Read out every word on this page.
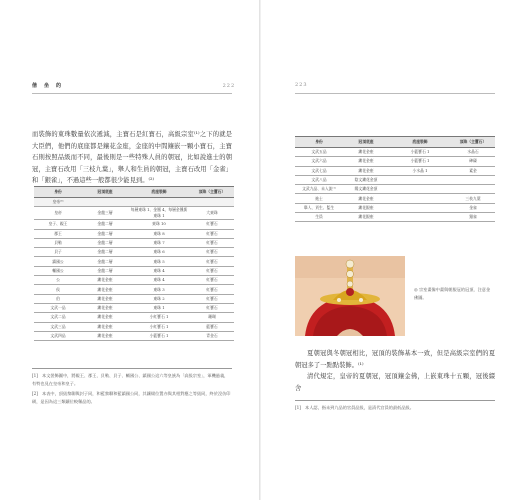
偕　坐　的	222

而裝飾的東珠數量依次遞減，主寶石是紅寶石，高級宗室⁽¹⁾之下的就是大臣們，他們的底座都是鑲花金座，金座的中間鑲嵌一顆小寶石，主寶石則按照品級而不同，最後則是一些特殊人員的朝冠，比如說進士的朝冠，主寶石改用「三枝九葉」，舉人和生員的朝冠，主寶石改用「金雀」和「銀雀」，不過這些一般都很少能見到。⁽²⁾

身份	冠頂底座	底座裝飾	頂珠（主寶石）
皇帝⁽³⁾			
皇帝	金龍三層	每層東珠 1、金鳳 4，每層金鳳銜東珠 1	大東珠
皇子、親王	金龍二層	東珠 10	紅寶石
郡王	金龍二層	東珠 8	紅寶石
貝勒	金龍二層	東珠 7	紅寶石
貝子	金龍二層	東珠 6	紅寶石
鎮國公	金龍二層	東珠 5	紅寶石
輔國公	金龍二層	東珠 4	紅寶石
公	鏤花金座	東珠 4	紅寶石
侯	鏤花金座	東珠 3	紅寶石
伯	鏤花金座	東珠 2	紅寶石
文武一品	鏤花金座	東珠 1	紅寶石
文武二品	鏤花金座	小紅寶石 1	珊瑚
文武三品	鏤花金座	小紅寶石 1	藍寶石
文武四品	鏤花金座	小藍寶石 1	青金石
[1] 本文裝飾圖中，將親王、郡王、貝勒、貝子、輔國公、鎮國公這六等皇族為「高級宗室」，軍機過義，有特也見在皇帝和皇子。
[2] 本表中，頂級黎聊與封子同，和藍黎聊和藍鎮國公同，其鑲綴位置亦與其相對應之等級同，終於沒仿印刷，是因為這三類鑲位較稀品的。
223
身份	冠頂底座	底座裝飾	頂珠（主寶石）
文武五品	鏤花金座	小藍寶石 1	水晶石
文武六品	鏤花金座	小藍寶石 1	硨磲
文武七品	鏤花金座	小水晶 1	素金
文武八品	陰文鏤花金頂		
文武九品、未入流⁽¹⁾	陽文鏤花金頂		
進士	鏤花金座		三枝九葉
舉人、貢生、監生	鏤花銀座		金雀
生員	鏤花銀座		銀雀
◎ 宗室畫像中畫與朝服冠的冠頂，注意金佛圖。

夏朝冠與冬朝冠相比，冠頂的裝飾基本一致，但是高級宗室們的夏朝冠多了一點點裝飾。⁽¹⁾

清代規定，皇帝的夏朝冠，冠頂鑲金佛，上嵌東珠十五顆，冠後綴舍

[1] 本人認，指未到九品的官員品級，是清代官員的最低品級。
